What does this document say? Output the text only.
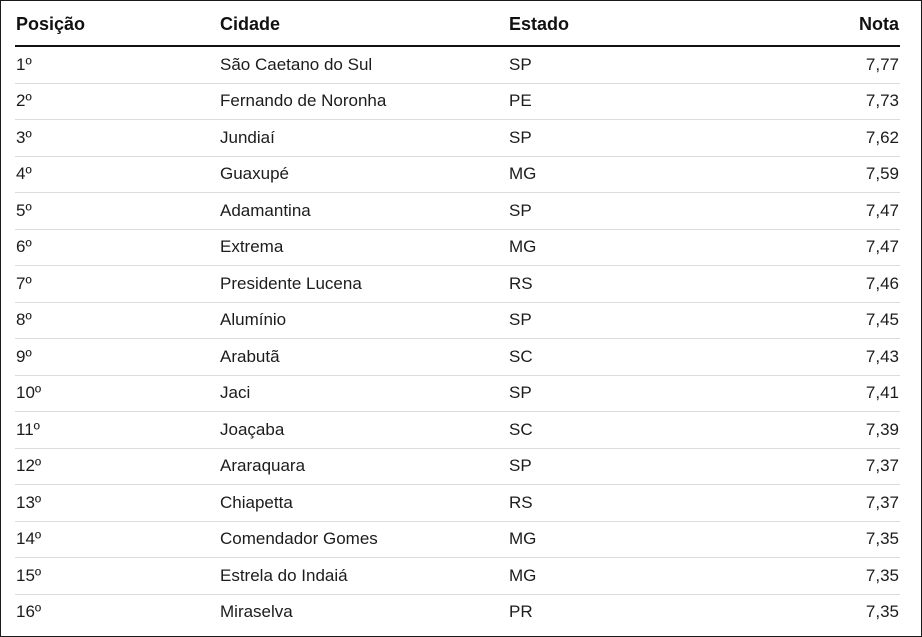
Posição	Cidade	Estado	Nota
1º	São Caetano do Sul	SP	7,77
2º	Fernando de Noronha	PE	7,73
3º	Jundiaí	SP	7,62
4º	Guaxupé	MG	7,59
5º	Adamantina	SP	7,47
6º	Extrema	MG	7,47
7º	Presidente Lucena	RS	7,46
8º	Alumínio	SP	7,45
9º	Arabutã	SC	7,43
10º	Jaci	SP	7,41
11º	Joaçaba	SC	7,39
12º	Araraquara	SP	7,37
13º	Chiapetta	RS	7,37
14º	Comendador Gomes	MG	7,35
15º	Estrela do Indaiá	MG	7,35
16º	Miraselva	PR	7,35
